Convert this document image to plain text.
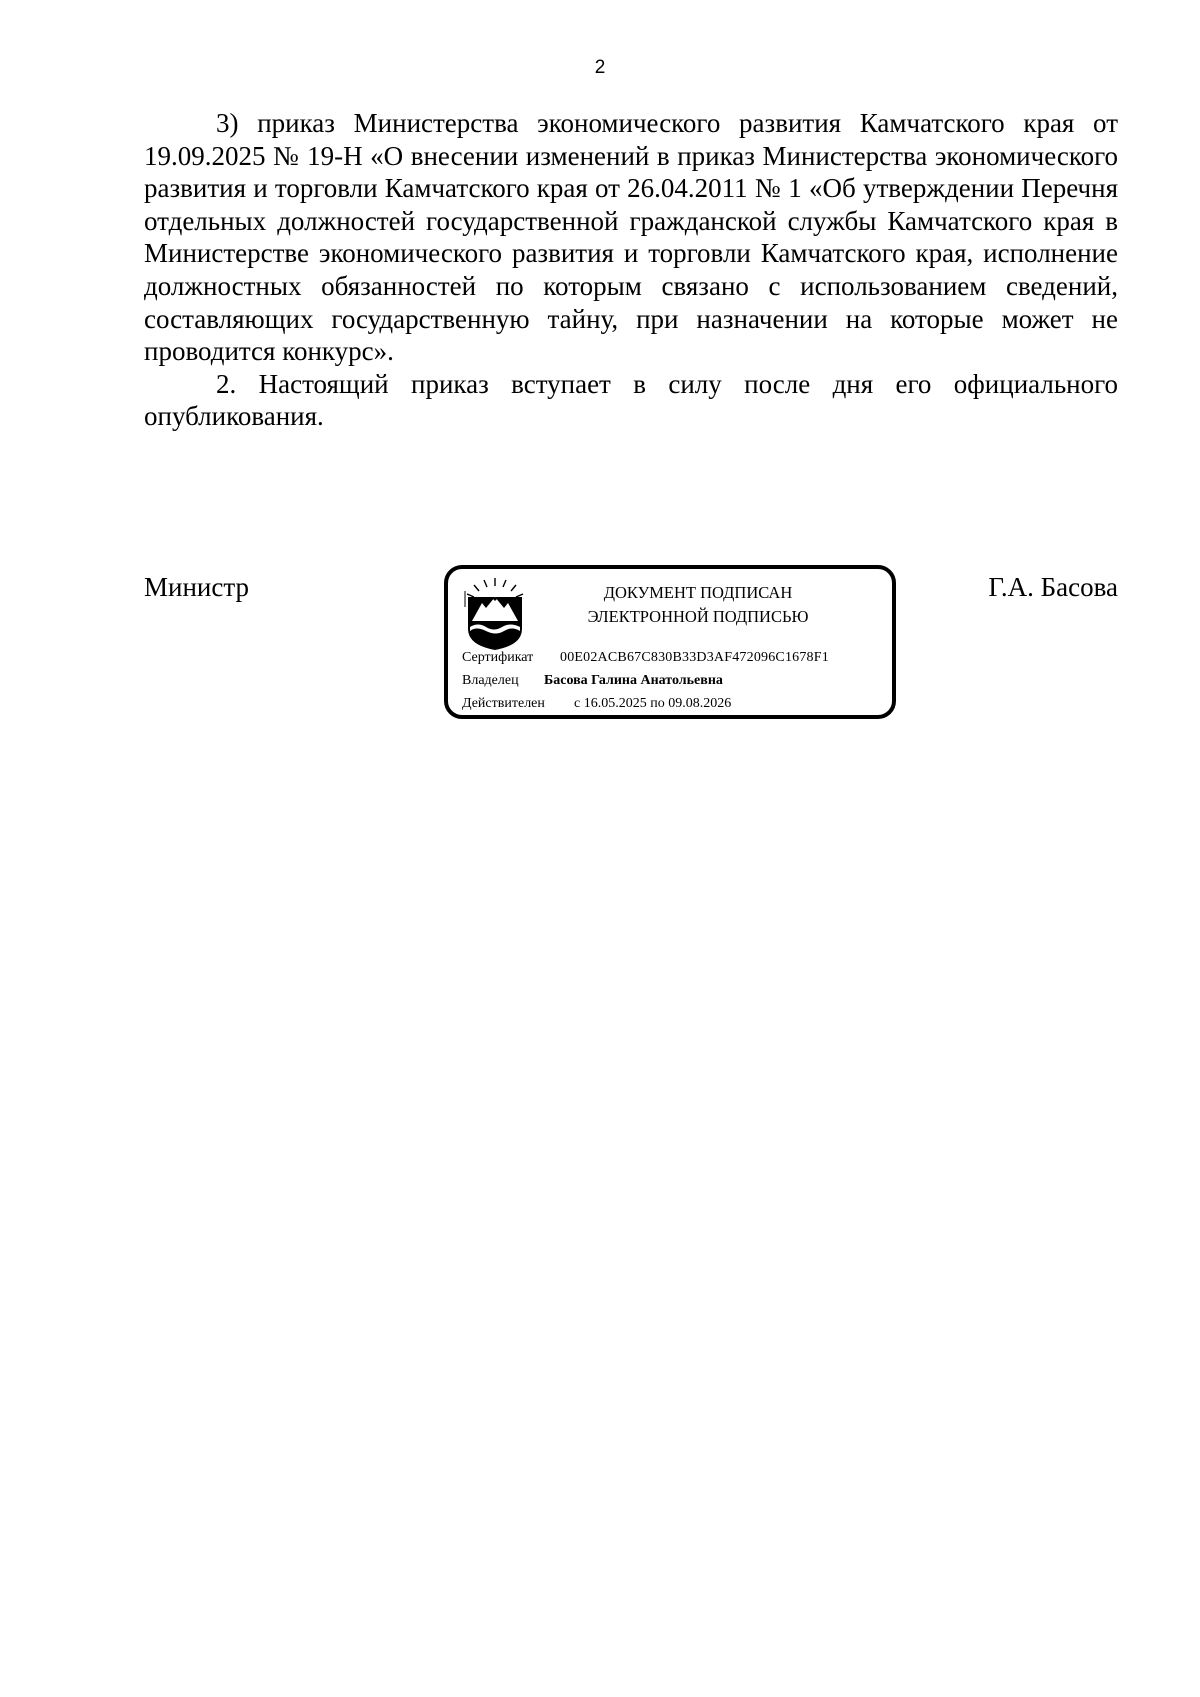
2

3) приказ Министерства экономического развития Камчатского края от 19.09.2025 № 19-Н «О внесении изменений в приказ Министерства экономического развития и торговли Камчатского края от 26.04.2011 № 1 «Об утверждении Перечня отдельных должностей государственной гражданской службы Камчатского края в Министерстве экономического развития и торговли Камчатского края, исполнение должностных обязанностей по которым связано с использованием сведений, составляющих государственную тайну, при назначении на которые может не проводится конкурс».

2. Настоящий приказ вступает в силу после дня его официального опубликования.

Министр	ДОКУМЕНТ ПОДПИСАН
ЭЛЕКТРОННОЙ ПОДПИСЬЮ
Сертификат 00E02ACB67C830B33D3AF472096C1678F1
Владелец Басова Галина Анатольевна
Действителен с 16.05.2025 по 09.08.2026
Г.А. Басова
